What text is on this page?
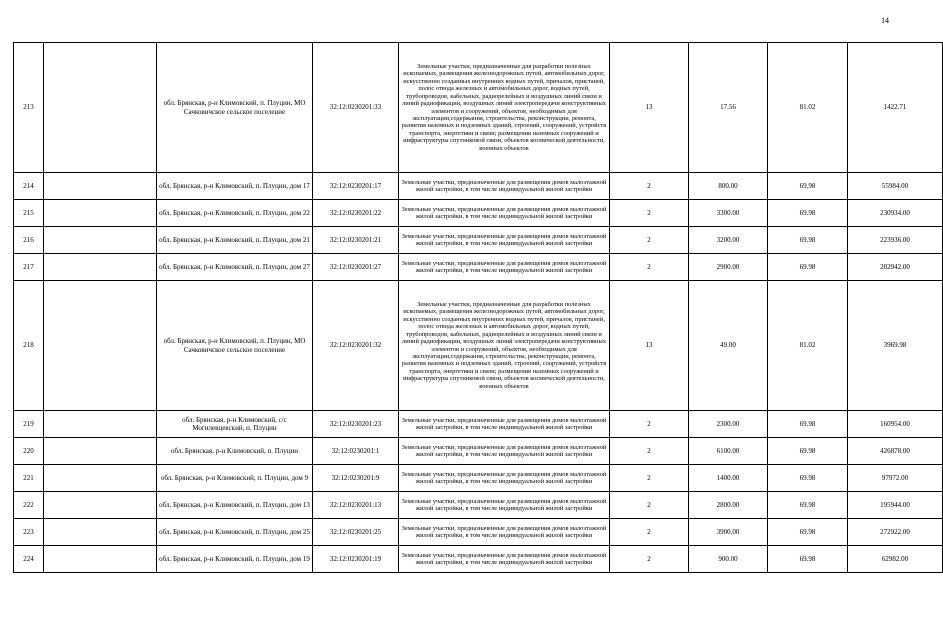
14
213		обл. Брянская, р-н Климовский, п. Плуцин, МО Сачковичское сельское поселение	32:12:0230201:33	Земельные участки, предназначенные для разработки полезных ископаемых, размещения железнодорожных путей, автомобильных дорог, искусственно созданных внутренних водных путей, причалов, пристаней, полос отвода железных и автомобильных дорог, водных путей, трубопроводов, кабельных, радиорелейных и воздушных линий связи и линий радиофикации, воздушных линий электропередачи конструктивных элементов и сооружений, объектов, необходимых для эксплуатации,содержания, строительства, реконструкции, ремонта, развития наземных и подземных зданий, строений, сооружений, устройств транспорта, энергетики и связи; размещения наземных сооружений и инфраструктуры спутниковой связи, объектов космической деятельности, военных объектов	13	17.56	81.02	1422.71
214		обл. Брянская, р-н Климовский, п. Плуцин, дом 17	32:12:0230201:17	Земельные участки, предназначенные для размещения домов малоэтажной жилой застройки, в том числе индивидуальной жилой застройки	2	800.00	69.98	55984.00
215		обл. Брянская, р-н Климовский, п. Плуцин, дом 22	32:12:0230201:22	Земельные участки, предназначенные для размещения домов малоэтажной жилой застройки, в том числе индивидуальной жилой застройки	2	3300.00	69.98	230934.00
216		обл. Брянская, р-н Климовский, п. Плуцин, дом 21	32:12:0230201:21	Земельные участки, предназначенные для размещения домов малоэтажной жилой застройки, в том числе индивидуальной жилой застройки	2	3200.00	69.98	223936.00
217		обл. Брянская, р-н Климовский, п. Плуцин, дом 27	32:12:0230201:27	Земельные участки, предназначенные для размещения домов малоэтажной жилой застройки, в том числе индивидуальной жилой застройки	2	2900.00	69.98	202942.00
218		обл. Брянская, р-н Климовский, п. Плуцин, МО Сачковичское сельское поселение	32:12:0230201:32	Земельные участки, предназначенные для разработки полезных ископаемых, размещения железнодорожных путей, автомобильных дорог, искусственно созданных внутренних водных путей, причалов, пристаней, полос отвода железных и автомобильных дорог, водных путей, трубопроводов, кабельных, радиорелейных и воздушных линий связи и линий радиофикации, воздушных линий электропередачи конструктивных элементов и сооружений, объектов, необходимых для эксплуатации,содержания, строительства, реконструкции, ремонта, развития наземных и подземных зданий, строений, сооружений, устройств транспорта, энергетики и связи; размещения наземных сооружений и инфраструктуры спутниковой связи, объектов космической деятельности, военных объектов	13	49.00	81.02	3969.98
219		обл. Брянская, р-н Климовский, с/с Могилевцевский, п. Плуцин	32:12:0230201:23	Земельные участки, предназначенные для размещения домов малоэтажной жилой застройки, в том числе индивидуальной жилой застройки	2	2300.00	69.98	160954.00
220		обл. Брянская, р-н Климовский, п. Плуцин	32:12:0230201:1	Земельные участки, предназначенные для размещения домов малоэтажной жилой застройки, в том числе индивидуальной жилой застройки	2	6100.00	69.98	426878.00
221		обл. Брянская, р-н Климовский, п. Плуцин, дом 9	32:12:0230201:9	Земельные участки, предназначенные для размещения домов малоэтажной жилой застройки, в том числе индивидуальной жилой застройки	2	1400.00	69.98	97972.00
222		обл. Брянская, р-н Климовский, п. Плуцин, дом 13	32:12:0230201:13	Земельные участки, предназначенные для размещения домов малоэтажной жилой застройки, в том числе индивидуальной жилой застройки	2	2800.00	69.98	195944.00
223		обл. Брянская, р-н Климовский, п. Плуцин, дом 25	32:12:0230201:25	Земельные участки, предназначенные для размещения домов малоэтажной жилой застройки, в том числе индивидуальной жилой застройки	2	3900.00	69.98	272922.00
224		обл. Брянская, р-н Климовский, п. Плуцин, дом 19	32:12:0230201:19	Земельные участки, предназначенные для размещения домов малоэтажной жилой застройки, в том числе индивидуальной жилой застройки	2	900.00	69.98	62982.00
